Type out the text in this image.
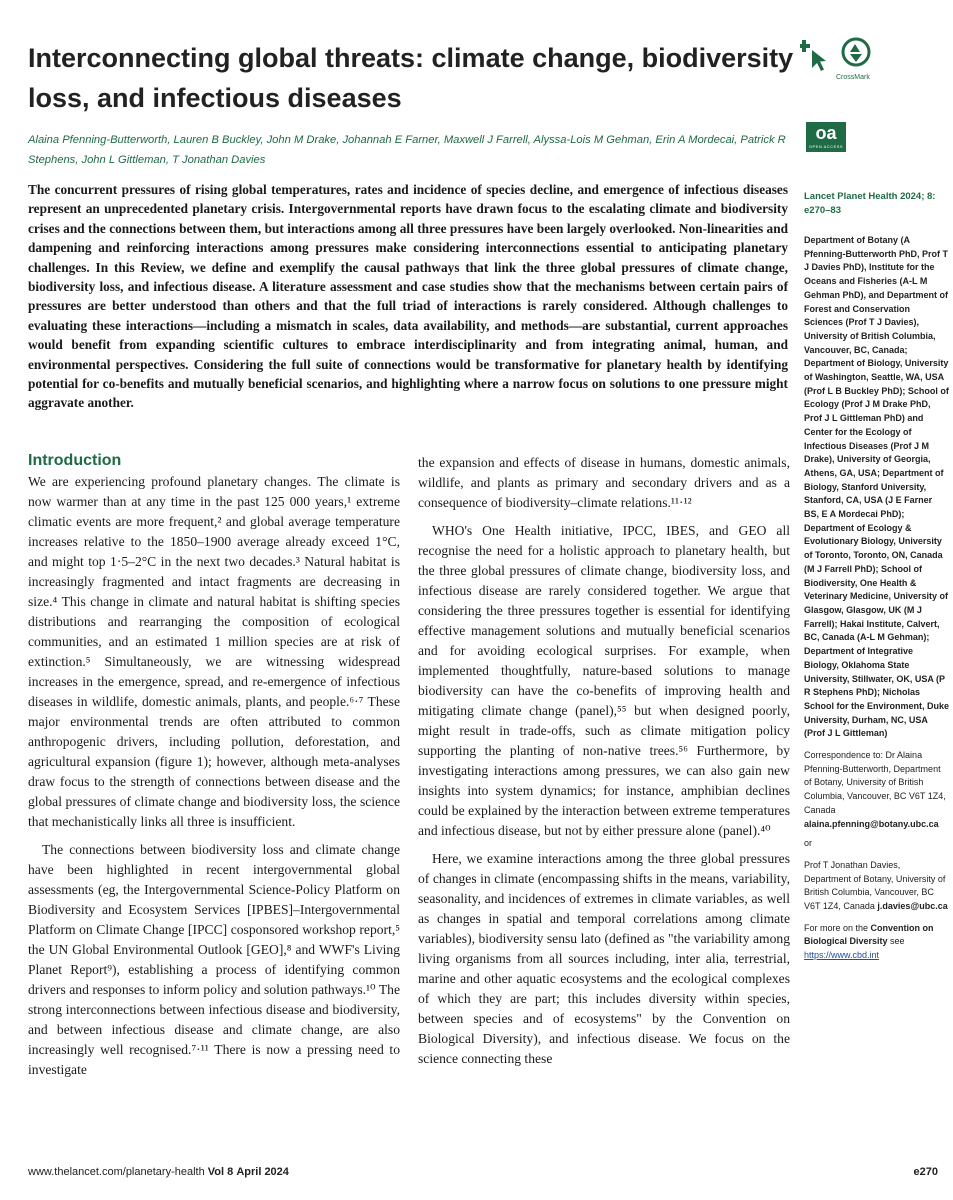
Interconnecting global threats: climate change, biodiversity loss, and infectious diseases
CrossMark
Alaina Pfenning-Butterworth, Lauren B Buckley, John M Drake, Johannah E Farner, Maxwell J Farrell, Alyssa-Lois M Gehman, Erin A Mordecai, Patrick R Stephens, John L Gittleman, T Jonathan Davies
oa
OPEN ACCESS

The concurrent pressures of rising global temperatures, rates and incidence of species decline, and emergence of infectious diseases represent an unprecedented planetary crisis. Intergovernmental reports have drawn focus to the escalating climate and biodiversity crises and the connections between them, but interactions among all three pressures have been largely overlooked. Non-linearities and dampening and reinforcing interactions among pressures make considering interconnections essential to anticipating planetary challenges. In this Review, we define and exemplify the causal pathways that link the three global pressures of climate change, biodiversity loss, and infectious disease. A literature assessment and case studies show that the mechanisms between certain pairs of pressures are better understood than others and that the full triad of interactions is rarely considered. Although challenges to evaluating these interactions—including a mismatch in scales, data availability, and methods—are substantial, current approaches would benefit from expanding scientific cultures to embrace interdisciplinarity and from integrating animal, human, and environmental perspectives. Considering the full suite of connections would be transformative for planetary health by identifying potential for co-benefits and mutually beneficial scenarios, and highlighting where a narrow focus on solutions to one pressure might aggravate another.

Introduction

We are experiencing profound planetary changes. The climate is now warmer than at any time in the past 125 000 years,¹ extreme climatic events are more frequent,² and global average temperature increases relative to the 1850–1900 average already exceed 1°C, and might top 1·5–2°C in the next two decades.³ Natural habitat is increasingly fragmented and intact fragments are decreasing in size.⁴ This change in climate and natural habitat is shifting species distributions and rearranging the composition of ecological communities, and an estimated 1 million species are at risk of extinction.⁵ Simultaneously, we are witnessing widespread increases in the emergence, spread, and re-emergence of infectious diseases in wildlife, domestic animals, plants, and people.⁶·⁷ These major environmental trends are often attributed to common anthropogenic drivers, including pollution, deforestation, and agricultural expansion (figure 1); however, although meta-analyses draw focus to the strength of connections between disease and the global pressures of climate change and biodiversity loss, the science that mechanistically links all three is insufficient.

The connections between biodiversity loss and climate change have been highlighted in recent intergovernmental global assessments (eg, the Intergovernmental Science-Policy Platform on Biodiversity and Ecosystem Services [IPBES]–Intergovernmental Platform on Climate Change [IPCC] cosponsored workshop report,⁵ the UN Global Environmental Outlook [GEO],⁸ and WWF's Living Planet Report⁹), establishing a process of identifying common drivers and responses to inform policy and solution pathways.¹⁰ The strong interconnections between infectious disease and biodiversity, and between infectious disease and climate change, are also increasingly well recognised.⁷·¹¹ There is now a pressing need to investigate

the expansion and effects of disease in humans, domestic animals, wildlife, and plants as primary and secondary drivers and as a consequence of biodiversity–climate relations.¹¹·¹²

WHO's One Health initiative, IPCC, IBES, and GEO all recognise the need for a holistic approach to planetary health, but the three global pressures of climate change, biodiversity loss, and infectious disease are rarely considered together. We argue that considering the three pressures together is essential for identifying effective management solutions and mutually beneficial scenarios and for avoiding ecological surprises. For example, when implemented thoughtfully, nature-based solutions to manage biodiversity can have the co-benefits of improving health and mitigating climate change (panel),⁵⁵ but when designed poorly, might result in trade-offs, such as climate mitigation policy supporting the planting of non-native trees.⁵⁶ Furthermore, by investigating interactions among pressures, we can also gain new insights into system dynamics; for instance, amphibian declines could be explained by the interaction between extreme temperatures and infectious disease, but not by either pressure alone (panel).⁴⁰

Here, we examine interactions among the three global pressures of changes in climate (encompassing shifts in the means, variability, seasonality, and incidences of extremes in climate variables, as well as changes in spatial and temporal correlations among climate variables), biodiversity sensu lato (defined as "the variability among living organisms from all sources including, inter alia, terrestrial, marine and other aquatic ecosystems and the ecological complexes of which they are part; this includes diversity within species, between species and of ecosystems" by the Convention on Biological Diversity), and infectious disease. We focus on the science connecting these

Lancet Planet Health 2024; 8: e270–83
Department of Botany (A Pfenning-Butterworth PhD, Prof T J Davies PhD), Institute for the Oceans and Fisheries (A-L M Gehman PhD), and Department of Forest and Conservation Sciences (Prof T J Davies), University of British Columbia, Vancouver, BC, Canada; Department of Biology, University of Washington, Seattle, WA, USA (Prof L B Buckley PhD); School of Ecology (Prof J M Drake PhD, Prof J L Gittleman PhD) and Center for the Ecology of Infectious Diseases (Prof J M Drake), University of Georgia, Athens, GA, USA; Department of Biology, Stanford University, Stanford, CA, USA (J E Farner BS, E A Mordecai PhD); Department of Ecology & Evolutionary Biology, University of Toronto, Toronto, ON, Canada (M J Farrell PhD); School of Biodiversity, One Health & Veterinary Medicine, University of Glasgow, Glasgow, UK (M J Farrell); Hakai Institute, Calvert, BC, Canada (A-L M Gehman); Department of Integrative Biology, Oklahoma State University, Stillwater, OK, USA (P R Stephens PhD); Nicholas School for the Environment, Duke University, Durham, NC, USA (Prof J L Gittleman)
Correspondence to: Dr Alaina Pfenning-Butterworth, Department of Botany, University of British Columbia, Vancouver, BC V6T 1Z4, Canada alaina.pfenning@botany.ubc.ca
or
Prof T Jonathan Davies, Department of Botany, University of British Columbia, Vancouver, BC V6T 1Z4, Canada j.davies@ubc.ca
For more on the Convention on Biological Diversity see https://www.cbd.int
www.thelancet.com/planetary-health Vol 8 April 2024	e270
